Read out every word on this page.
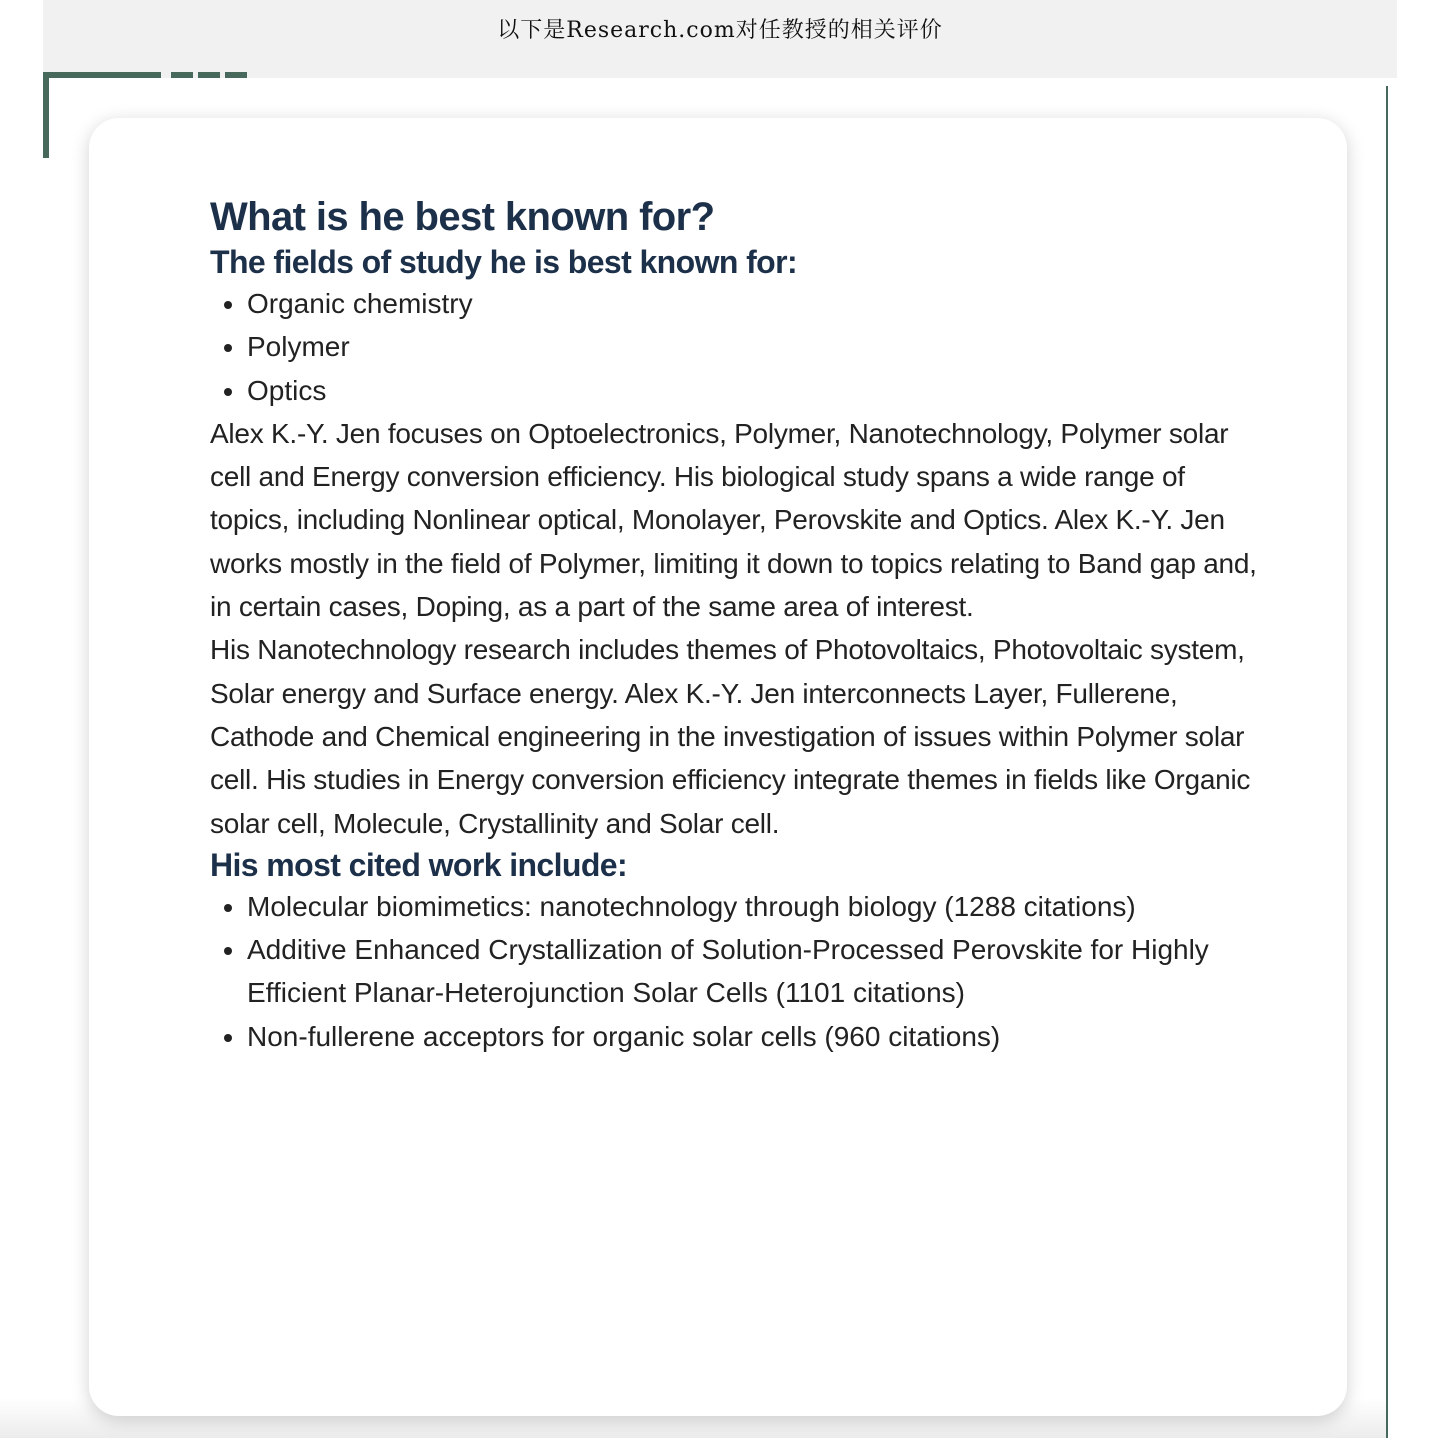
以下是Research.com对任教授的相关评价
What is he best known for?
The fields of study he is best known for:
• Organic chemistry
• Polymer
• Optics

Alex K.-Y. Jen focuses on Optoelectronics, Polymer, Nanotechnology, Polymer solar cell and Energy conversion efficiency. His biological study spans a wide range of topics, including Nonlinear optical, Monolayer, Perovskite and Optics. Alex K.-Y. Jen works mostly in the field of Polymer, limiting it down to topics relating to Band gap and, in certain cases, Doping, as a part of the same area of interest.

His Nanotechnology research includes themes of Photovoltaics, Photovoltaic system, Solar energy and Surface energy. Alex K.-Y. Jen interconnects Layer, Fullerene, Cathode and Chemical engineering in the investigation of issues within Polymer solar cell. His studies in Energy conversion efficiency integrate themes in fields like Organic solar cell, Molecule, Crystallinity and Solar cell.

His most cited work include:
• Molecular biomimetics: nanotechnology through biology (1288 citations)
• Additive Enhanced Crystallization of Solution-Processed Perovskite for Highly Efficient Planar-Heterojunction Solar Cells (1101 citations)
• Non-fullerene acceptors for organic solar cells (960 citations)
